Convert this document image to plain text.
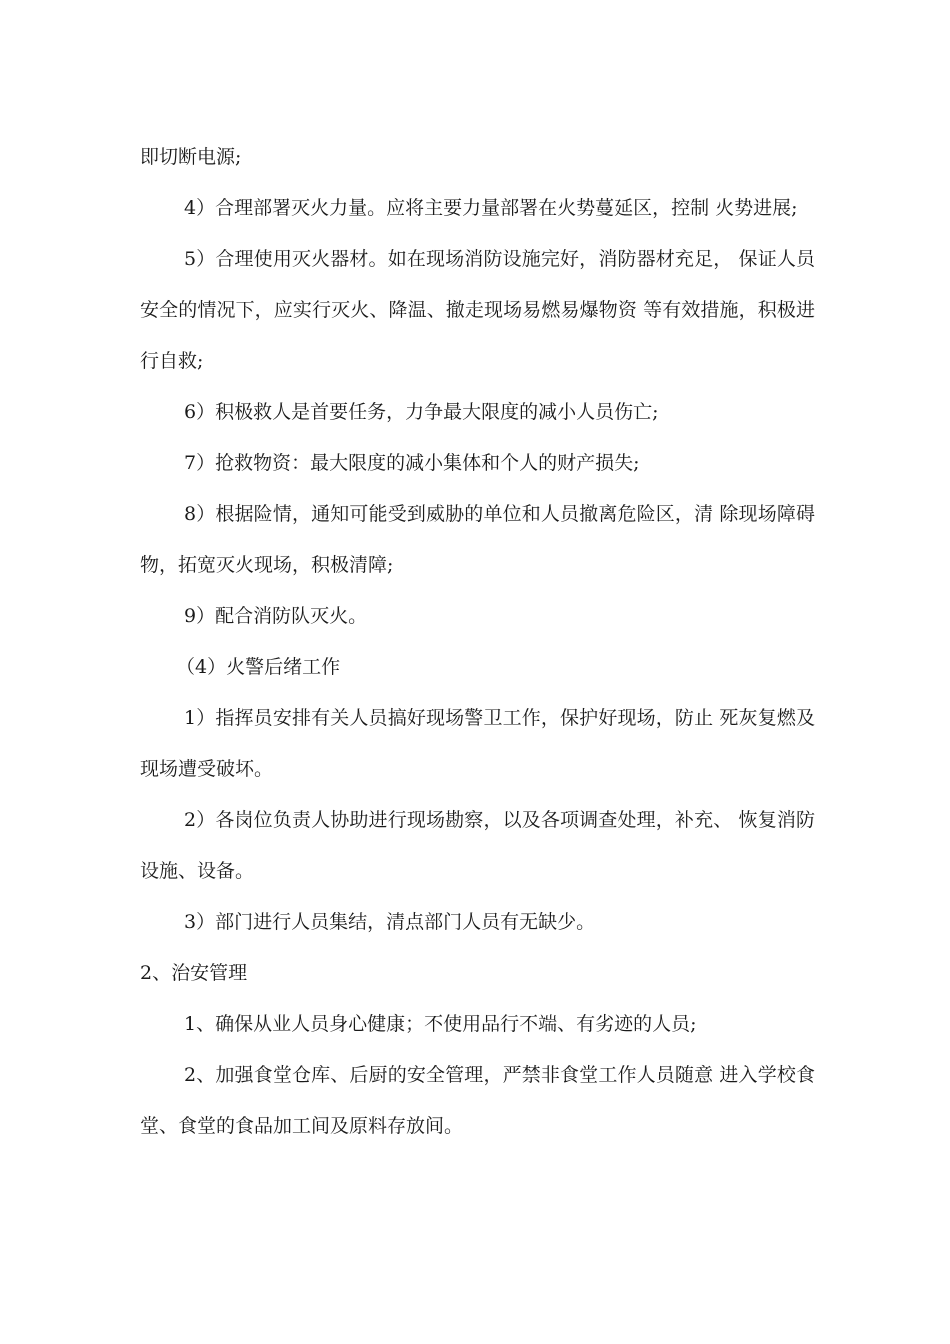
即切断电源;

4）合理部署灭火力量。应将主要力量部署在火势蔓延区，控制 火势进展;

5）合理使用灭火器材。如在现场消防设施完好，消防器材充足， 保证人员安全的情况下，应实行灭火、降温、撤走现场易燃易爆物资 等有效措施，积极进行自救;

6）积极救人是首要任务，力争最大限度的减小人员伤亡;

7）抢救物资：最大限度的减小集体和个人的财产损失;

8）根据险情，通知可能受到威胁的单位和人员撤离危险区，清 除现场障碍物，拓宽灭火现场，积极清障;

9）配合消防队灭火。

（4）火警后绪工作

1）指挥员安排有关人员搞好现场警卫工作，保护好现场，防止 死灰复燃及现场遭受破坏。

2）各岗位负责人协助进行现场勘察，以及各项调查处理，补充、 恢复消防设施、设备。

3）部门进行人员集结，清点部门人员有无缺少。

2、治安管理

1、确保从业人员身心健康；不使用品行不端、有劣迹的人员;

2、加强食堂仓库、后厨的安全管理，严禁非食堂工作人员随意 进入学校食堂、食堂的食品加工间及原料存放间。
